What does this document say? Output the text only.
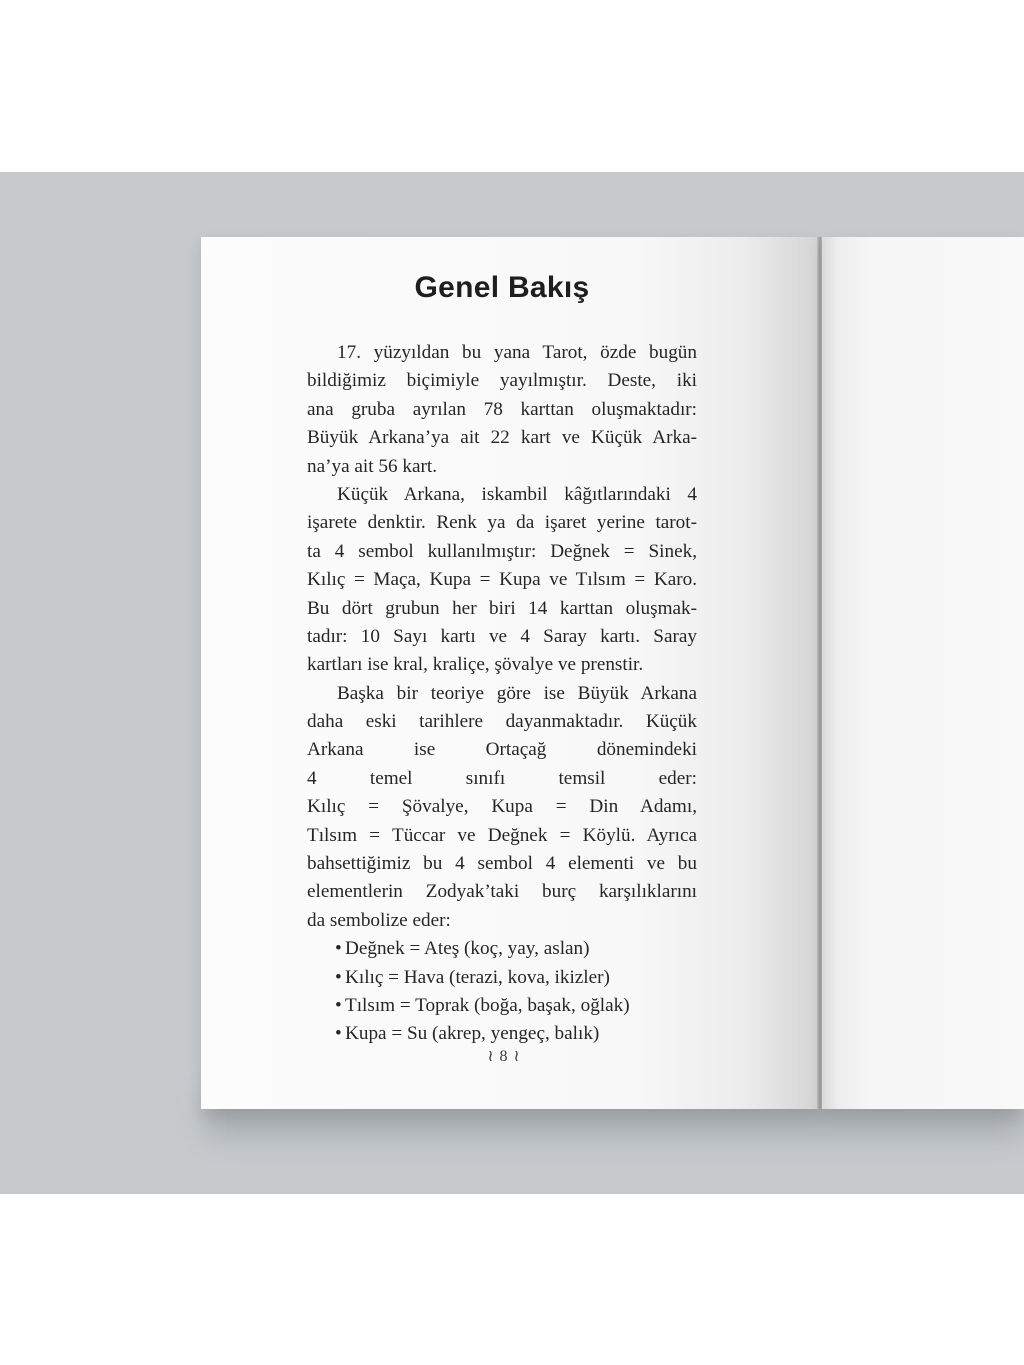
Genel Bakış
17. yüzyıldan bu yana Tarot, özde bugün
bildiğimiz biçimiyle yayılmıştır. Deste, iki
ana gruba ayrılan 78 karttan oluşmaktadır:
Büyük Arkana’ya ait 22 kart ve Küçük Arka-
na’ya ait 56 kart.
Küçük Arkana, iskambil kâğıtlarındaki 4
işarete denktir. Renk ya da işaret yerine tarot-
ta 4 sembol kullanılmıştır: Değnek = Sinek,
Kılıç = Maça, Kupa = Kupa ve Tılsım = Karo.
Bu dört grubun her biri 14 karttan oluşmak-
tadır: 10 Sayı kartı ve 4 Saray kartı. Saray
kartları ise kral, kraliçe, şövalye ve prenstir.
Başka bir teoriye göre ise Büyük Arkana
daha eski tarihlere dayanmaktadır. Küçük
Arkana ise Ortaçağ dönemindeki
4 temel sınıfı temsil eder:
Kılıç = Şövalye, Kupa = Din Adamı,
Tılsım = Tüccar ve Değnek = Köylü. Ayrıca
bahsettiğimiz bu 4 sembol 4 elementi ve bu
elementlerin Zodyak’taki burç karşılıklarını
da sembolize eder:
• Değnek = Ateş (koç, yay, aslan)
• Kılıç = Hava (terazi, kova, ikizler)
• Tılsım = Toprak (boğa, başak, oğlak)
• Kupa = Su (akrep, yengeç, balık)
≀ 8 ≀
